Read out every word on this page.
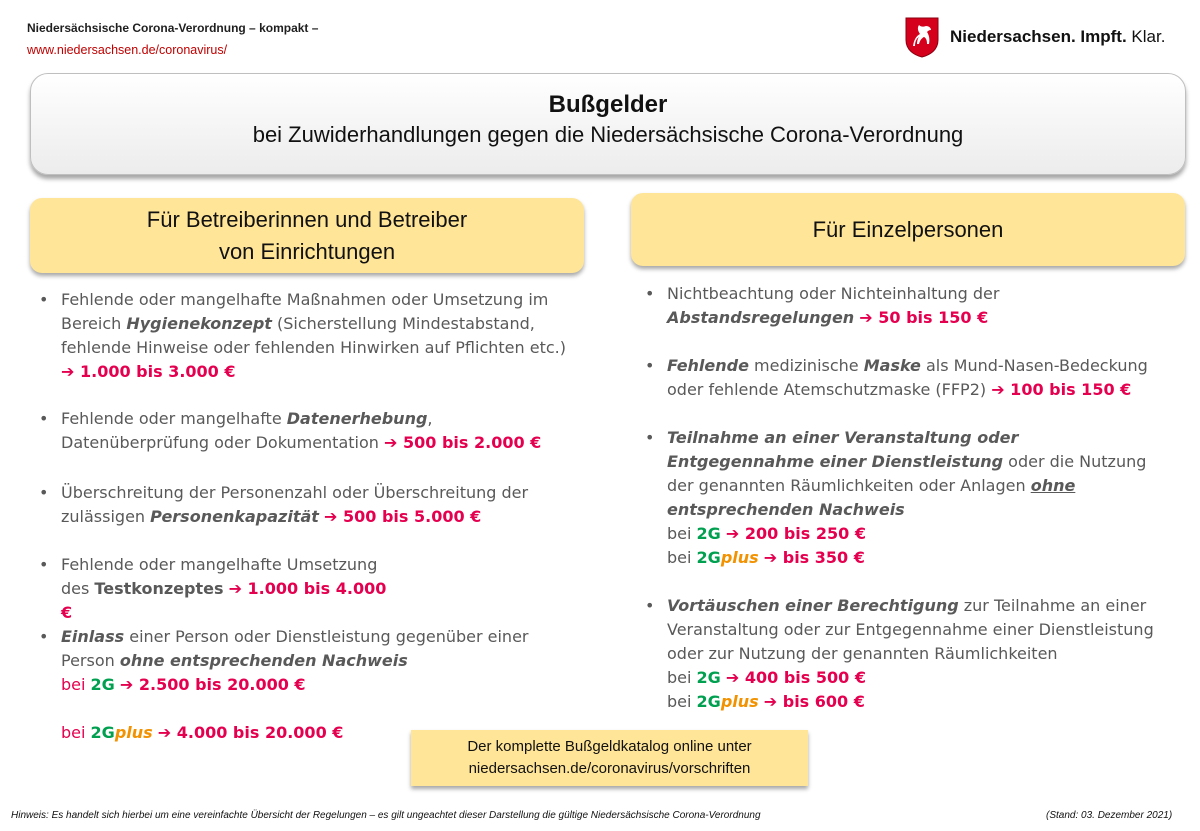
Niedersächsische Corona-Verordnung – kompakt –
www.niedersachsen.de/coronavirus/
Niedersachsen. Impft. Klar.
Bußgelder
bei Zuwiderhandlungen gegen die Niedersächsische Corona-Verordnung
Für Betreiberinnen und Betreiber
von Einrichtungen
Für Einzelpersonen
• Fehlende oder mangelhafte Maßnahmen oder Umsetzung im Bereich Hygienekonzept (Sicherstellung Mindestabstand, fehlende Hinweise oder fehlenden Hinwirken auf Pflichten etc.) ➔ 1.000 bis 3.000 €
• Fehlende oder mangelhafte Datenerhebung, Datenüberprüfung oder Dokumentation ➔ 500 bis 2.000 €
• Überschreitung der Personenzahl oder Überschreitung der zulässigen Personenkapazität ➔ 500 bis 5.000 €
• Fehlende oder mangelhafte Umsetzung des Testkonzeptes ➔ 1.000 bis 4.000 €
• Einlass einer Person oder Dienstleistung gegenüber einer Person ohne entsprechenden Nachweis
bei 2G ➔ 2.500 bis 20.000 €
bei 2Gplus ➔ 4.000 bis 20.000 €
• Nichtbeachtung oder Nichteinhaltung der
Abstandsregelungen ➔ 50 bis 150 €
• Fehlende medizinische Maske als Mund-Nasen-Bedeckung oder fehlende Atemschutzmaske (FFP2) ➔ 100 bis 150 €
• Teilnahme an einer Veranstaltung oder Entgegennahme einer Dienstleistung oder die Nutzung der genannten Räumlichkeiten oder Anlagen ohne entsprechenden Nachweis
bei 2G ➔ 200 bis 250 €
bei 2Gplus ➔ bis 350 €
• Vortäuschen einer Berechtigung zur Teilnahme an einer Veranstaltung oder zur Entgegennahme einer Dienstleistung oder zur Nutzung der genannten Räumlichkeiten
bei 2G ➔ 400 bis 500 €
bei 2Gplus ➔ bis 600 €
Der komplette Bußgeldkatalog online unter
niedersachsen.de/coronavirus/vorschriften
Hinweis: Es handelt sich hierbei um eine vereinfachte Übersicht der Regelungen – es gilt ungeachtet dieser Darstellung die gültige Niedersächsische Corona-Verordnung	(Stand: 03. Dezember 2021)
